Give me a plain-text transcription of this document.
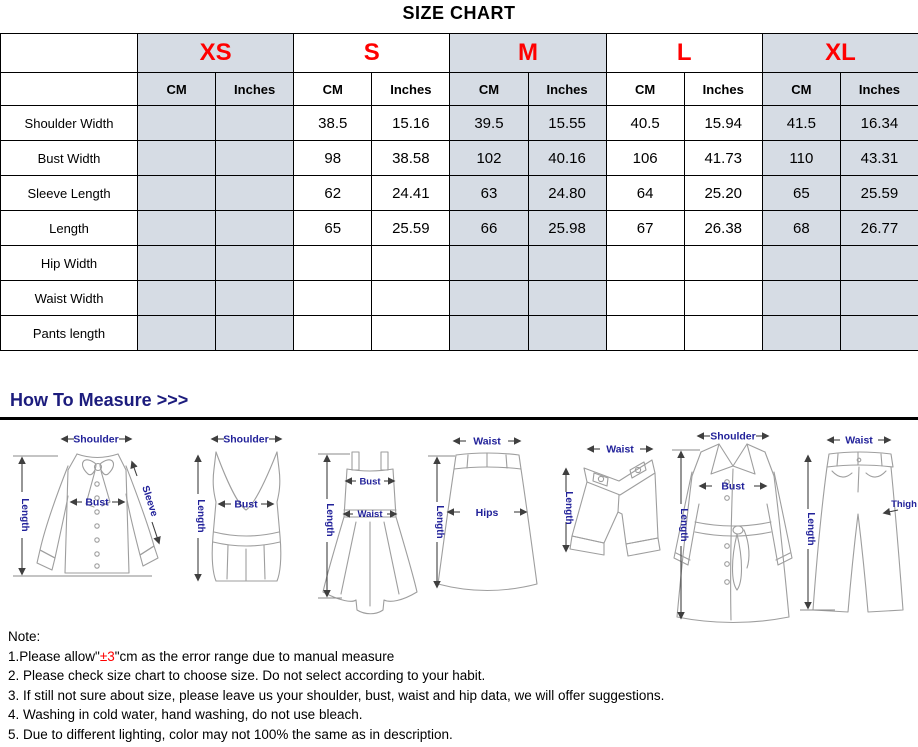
SIZE CHART
	XS		S		M		L		XL	
	CM	Inches	CM	Inches	CM	Inches	CM	Inches	CM	Inches
Shoulder Width			38.5	15.16	39.5	15.55	40.5	15.94	41.5	16.34
Bust Width			98	38.58	102	40.16	106	41.73	110	43.31
Sleeve Length			62	24.41	63	24.80	64	25.20	65	25.59
Length			65	25.59	66	25.98	67	26.38	68	26.77
Hip Width										
Waist Width										
Pants length										
How To Measure >>>
Shoulder
Length	Bust	Sleeve
Shoulder
Length	Bust	Length
Bust
Waist
Waist
Length	Hips
Waist
Length
Shoulder
Length
Bust
Waist
Length
Thigh
Note:
1.Please allow"±3"cm as the error range due to manual measure
2. Please check size chart to choose size. Do not select according to your habit.
3. If still not sure about size, please leave us your shoulder, bust, waist and hip data, we will offer suggestions.
4. Washing in cold water, hand washing, do not use bleach.
5. Due to different lighting, color may not 100% the same as in description.
